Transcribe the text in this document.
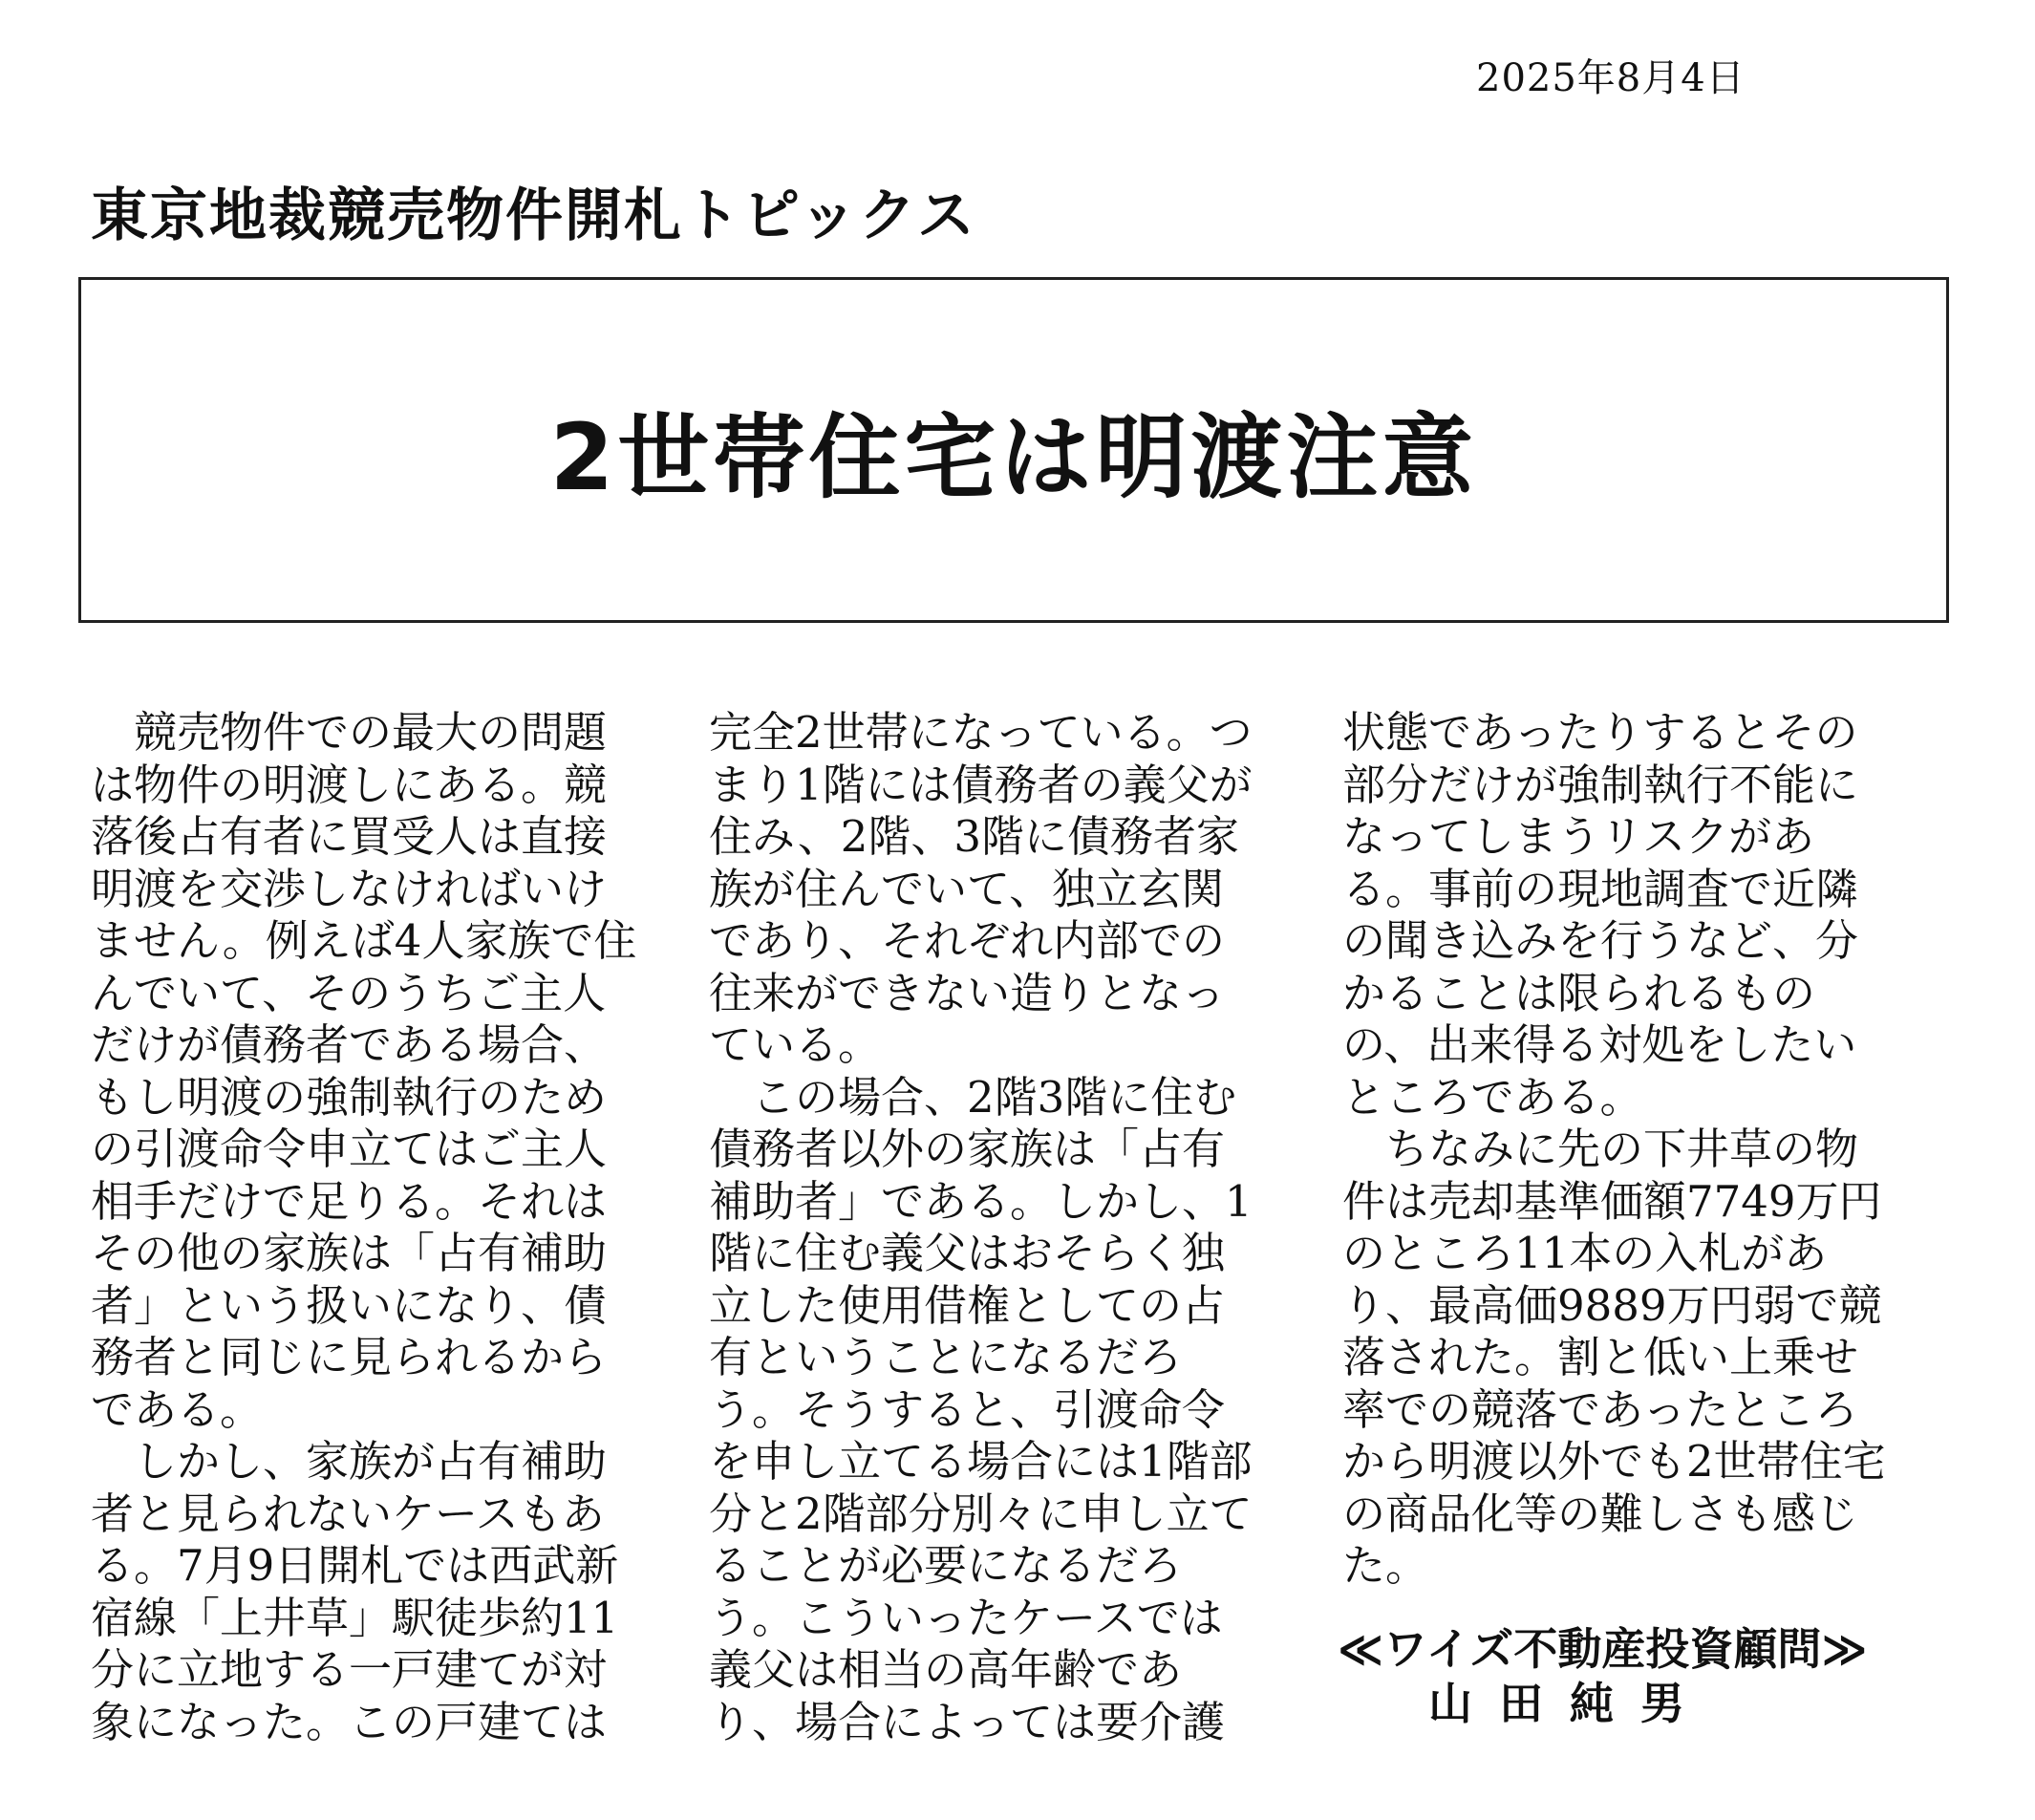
2025年8月4日
東京地裁競売物件開札トピックス
2世帯住宅は明渡注意
　競売物件での最大の問題
は物件の明渡しにある。競
落後占有者に買受人は直接
明渡を交渉しなければいけ
ません。例えば4人家族で住
んでいて、そのうちご主人
だけが債務者である場合、
もし明渡の強制執行のため
の引渡命令申立てはご主人
相手だけで足りる。それは
その他の家族は「占有補助
者」という扱いになり、債
務者と同じに見られるから
である。
　しかし、家族が占有補助
者と見られないケースもあ
る。7月9日開札では西武新
宿線「上井草」駅徒歩約11
分に立地する一戸建てが対
象になった。この戸建ては
完全2世帯になっている。つ
まり1階には債務者の義父が
住み、2階、3階に債務者家
族が住んでいて、独立玄関
であり、それぞれ内部での
往来ができない造りとなっ
ている。
　この場合、2階3階に住む
債務者以外の家族は「占有
補助者」である。しかし、1
階に住む義父はおそらく独
立した使用借権としての占
有ということになるだろ
う。そうすると、引渡命令
を申し立てる場合には1階部
分と2階部分別々に申し立て
ることが必要になるだろ
う。こういったケースでは
義父は相当の高年齢であ
り、場合によっては要介護
状態であったりするとその
部分だけが強制執行不能に
なってしまうリスクがあ
る。事前の現地調査で近隣
の聞き込みを行うなど、分
かることは限られるもの
の、出来得る対処をしたい
ところである。
　ちなみに先の下井草の物
件は売却基準価額7749万円
のところ11本の入札があ
り、最高価9889万円弱で競
落された。割と低い上乗せ
率での競落であったところ
から明渡以外でも2世帯住宅
の商品化等の難しさも感じ
た。
≪ワイズ不動産投資顧問≫
山田純男
